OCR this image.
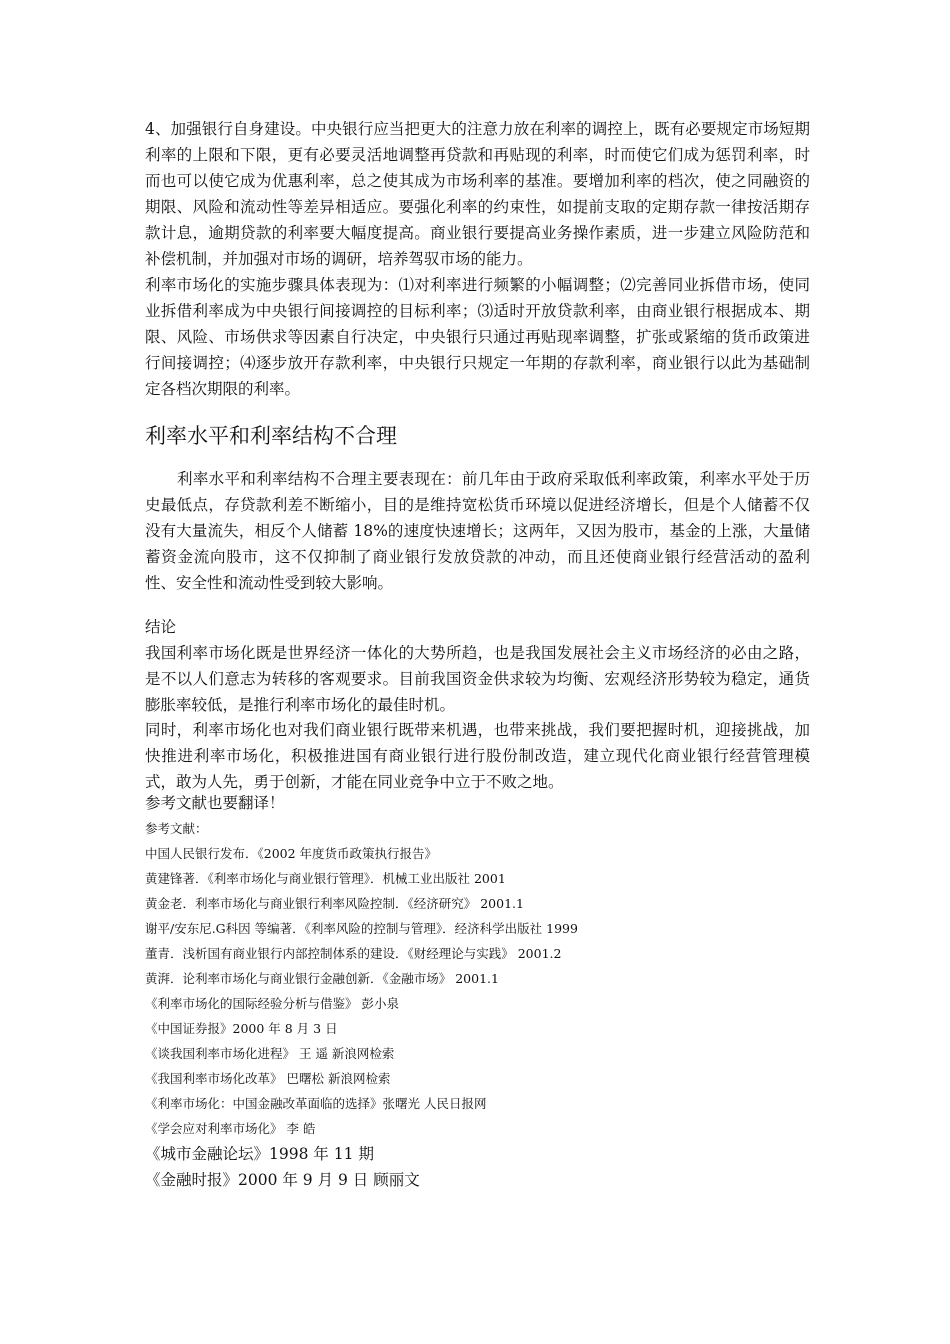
4、加强银行自身建设。中央银行应当把更大的注意力放在利率的调控上，既有必要规定市场短期利率的上限和下限，更有必要灵活地调整再贷款和再贴现的利率，时而使它们成为惩罚利率，时而也可以使它成为优惠利率，总之使其成为市场利率的基准。要增加利率的档次，使之同融资的期限、风险和流动性等差异相适应。要强化利率的约束性，如提前支取的定期存款一律按活期存款计息，逾期贷款的利率要大幅度提高。商业银行要提高业务操作素质，进一步建立风险防范和补偿机制，并加强对市场的调研，培养驾驭市场的能力。

利率市场化的实施步骤具体表现为：⑴对利率进行频繁的小幅调整；⑵完善同业拆借市场，使同业拆借利率成为中央银行间接调控的目标利率；⑶适时开放贷款利率，由商业银行根据成本、期限、风险、市场供求等因素自行决定，中央银行只通过再贴现率调整，扩张或紧缩的货币政策进行间接调控；⑷逐步放开存款利率，中央银行只规定一年期的存款利率，商业银行以此为基础制定各档次期限的利率。

利率水平和利率结构不合理

利率水平和利率结构不合理主要表现在：前几年由于政府采取低利率政策，利率水平处于历史最低点，存贷款利差不断缩小，目的是维持宽松货币环境以促进经济增长，但是个人储蓄不仅没有大量流失，相反个人储蓄 18%的速度快速增长；这两年，又因为股市，基金的上涨，大量储蓄资金流向股市，这不仅抑制了商业银行发放贷款的冲动，而且还使商业银行经营活动的盈利性、安全性和流动性受到较大影响。

结论

我国利率市场化既是世界经济一体化的大势所趋，也是我国发展社会主义市场经济的必由之路，是不以人们意志为转移的客观要求。目前我国资金供求较为均衡、宏观经济形势较为稳定，通货膨胀率较低，是推行利率市场化的最佳时机。

同时，利率市场化也对我们商业银行既带来机遇，也带来挑战，我们要把握时机，迎接挑战，加快推进利率市场化，积极推进国有商业银行进行股份制改造，建立现代化商业银行经营管理模式，敢为人先，勇于创新，才能在同业竞争中立于不败之地。

参考文献也要翻译！

参考文献：
中国人民银行发布．《2002 年度货币政策执行报告》
黄建锋著．《利率市场化与商业银行管理》．机械工业出版社 2001
黄金老．利率市场化与商业银行利率风险控制．《经济研究》 2001.1
谢平/安东尼.G科因 等编著．《利率风险的控制与管理》．经济科学出版社 1999
董青．浅析国有商业银行内部控制体系的建设．《财经理论与实践》 2001.2
黄湃．论利率市场化与商业银行金融创新．《金融市场》 2001.1
《利率市场化的国际经验分析与借鉴》 彭小泉
《中国证券报》2000 年 8 月 3 日
《谈我国利率市场化进程》 王 遥 新浪网检索
《我国利率市场化改革》 巴曙松 新浪网检索
《利率市场化：中国金融改革面临的选择》张曙光 人民日报网
《学会应对利率市场化》 李 皓
《城市金融论坛》1998 年 11 期
《金融时报》2000 年 9 月 9 日 顾丽文
